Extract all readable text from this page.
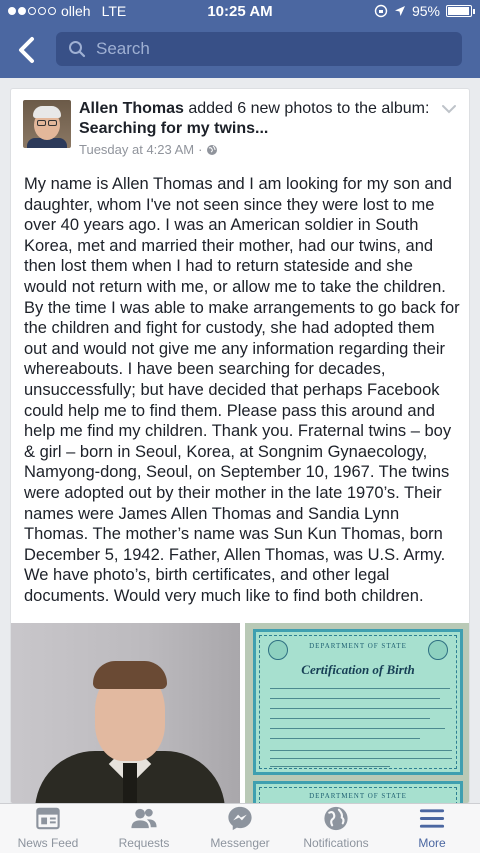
olleh LTE	10:25 AM	95%
Search
Allen Thomas added 6 new photos to the album: Searching for my twins...
Tuesday at 4:23 AM ·
My name is Allen Thomas and I am looking for my son and daughter, whom I've not seen since they were lost to me over 40 years ago. I was an American soldier in South Korea, met and married their mother, had our twins, and then lost them when I had to return stateside and she would not return with me, or allow me to take the children. By the time I was able to make arrangements to go back for the children and fight for custody, she had adopted them out and would not give me any information regarding their whereabouts. I have been searching for decades, unsuccessfully; but have decided that perhaps Facebook could help me to find them. Please pass this around and help me find my children. Thank you. Fraternal twins – boy & girl – born in Seoul, Korea, at Songnim Gynaecology, Namyong-dong, Seoul, on September 10, 1967. The twins were adopted out by their mother in the late 1970’s. Their names were James Allen Thomas and Sandia Lynn Thomas. The mother’s name was Sun Kun Thomas, born December 5, 1942. Father, Allen Thomas, was U.S. Army. We have photo’s, birth certificates, and other legal documents. Would very much like to find both children.
DEPARTMENT OF STATE
Certification of Birth
DEPARTMENT OF STATE
News Feed	Requests	Messenger	Notifications	More
